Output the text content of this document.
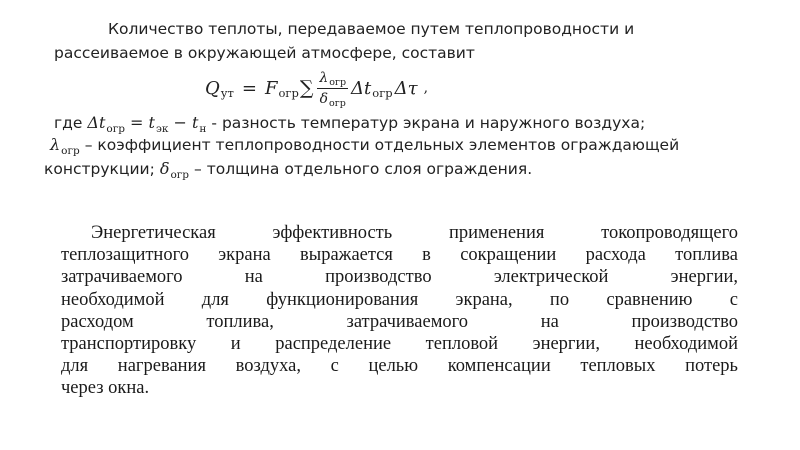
Количество теплоты, передаваемое путем теплопроводности и
рассеиваемое в окружающей атмосфере, составит
Q ут = F огр ∑ $\frac{\lambda_{огр}}{\delta_{огр}}$ Δt огр Δτ ,
где $\Delta t_{огр} = t_{эк} - t_н$ - разность температур экрана и наружного воздуха;
$\lambda_{огр}$ – коэффициент теплопроводности отдельных элементов ограждающей
конструкции; $\delta_{огр}$ – толщина отдельного слоя ограждения.
Энергетическая эффективность применения токопроводящего
теплозащитного экрана выражается в сокращении расхода топлива
затрачиваемого на производство электрической энергии,
необходимой для функционирования экрана, по сравнению с
расходом топлива, затрачиваемого на производство
транспортировку и распределение тепловой энергии, необходимой
для нагревания воздуха, с целью компенсации тепловых потерь
через окна.
